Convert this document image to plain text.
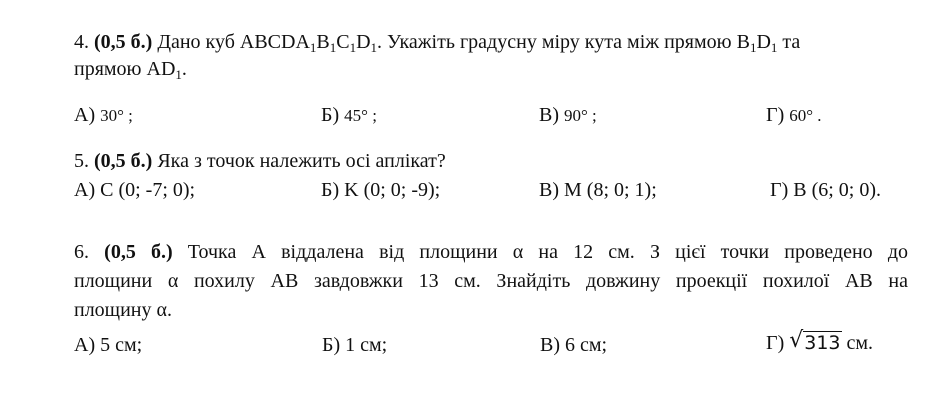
4. (0,5 б.) Дано куб $ABCDA_1B_1C_1D_1$. Укажіть градусну міру кута між прямою $B_1D_1$ та
прямою $AD_1$.
А) 30° ;	Б) 45° ;	В) 90° ;	Г) 60° .
5. (0,5 б.) Яка з точок належить осі аплікат?
А) C (0; -7; 0);	Б) K (0; 0; -9);	В) M (8; 0; 1);	Г) B (6; 0; 0).
6. (0,5 б.) Точка А віддалена від площини α на 12 см. З цієї точки проведено до
площини α похилу АВ завдовжки 13 см. Знайдіть довжину проекції похилої АВ на
площину α.
А) 5 см;	Б) 1 см;	В) 6 см;	Г) √ 313 см.
